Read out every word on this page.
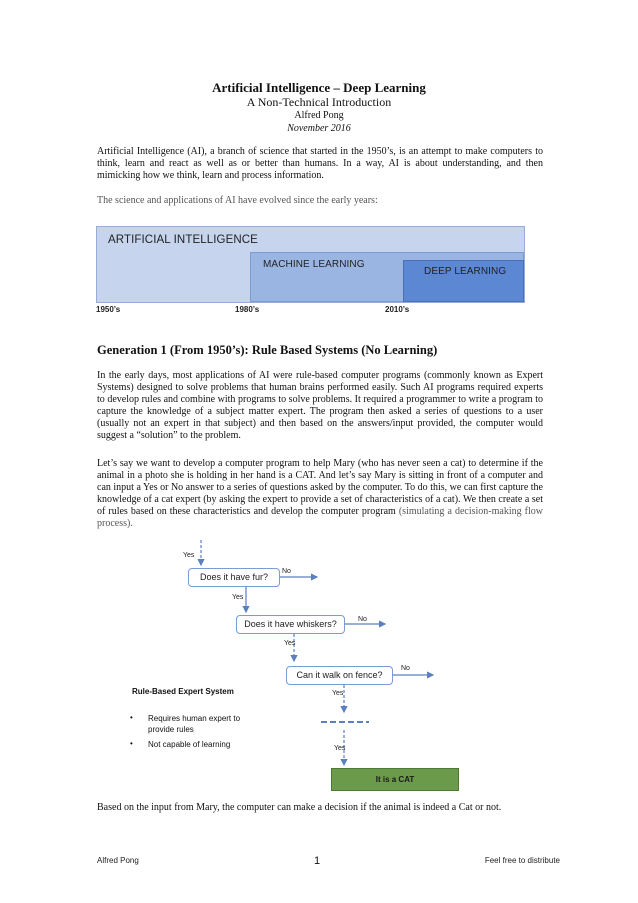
Artificial Intelligence – Deep Learning
A Non-Technical Introduction
Alfred Pong
November 2016
Artificial Intelligence (AI), a branch of science that started in the 1950’s, is an attempt to make computers to think, learn and react as well as or better than humans. In a way, AI is about understanding, and then mimicking how we think, learn and process information.
The science and applications of AI have evolved since the early years:
ARTIFICIAL INTELLIGENCE
MACHINE LEARNING
DEEP LEARNING
1950’s	1980’s	2010’s
Generation 1 (From 1950’s): Rule Based Systems (No Learning)
In the early days, most applications of AI were rule-based computer programs (commonly known as Expert Systems) designed to solve problems that human brains performed easily. Such AI programs required experts to develop rules and combine with programs to solve problems. It required a programmer to write a program to capture the knowledge of a subject matter expert. The program then asked a series of questions to a user (usually not an expert in that subject) and then based on the answers/input provided, the computer would suggest a “solution” to the problem.
Let’s say we want to develop a computer program to help Mary (who has never seen a cat) to determine if the animal in a photo she is holding in her hand is a CAT. And let’s say Mary is sitting in front of a computer and can input a Yes or No answer to a series of questions asked by the computer. To do this, we can first capture the knowledge of a cat expert (by asking the expert to provide a set of characteristics of a cat). We then create a set of rules based on these characteristics and develop the computer program (simulating a decision-making flow process).
Yes
Does it have fur?
No
Yes
Does it have whiskers?	No
Yes
Can it walk on fence?
No
Yes
Yes
It is a CAT
Rule-Based Expert System
• Requires human expert to provide rules
• Not capable of learning
Based on the input from Mary, the computer can make a decision if the animal is indeed a Cat or not.
Alfred Pong	1	Feel free to distribute
